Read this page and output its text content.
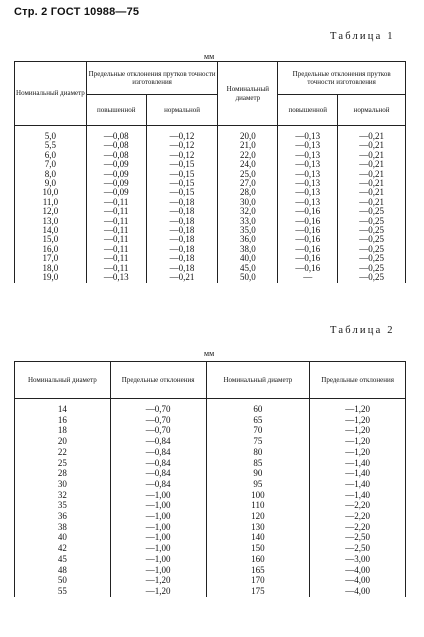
Стр. 2 ГОСТ 10988—75
Таблица 1
мм
Номинальный диаметр	Предельные отклонения прутков точности изготовления		Номинальный диаметр	Предельные отклонения прутков точности изготовления	
	повышенной	нормальной		повышенной	нормальной
5,0	—0,08	—0,12	20,0	—0,13	—0,21
5,5	—0,08	—0,12	21,0	—0,13	—0,21
6,0	—0,08	—0,12	22,0	—0,13	—0,21
7,0	—0,09	—0,15	24,0	—0,13	—0,21
8,0	—0,09	—0,15	25,0	—0,13	—0,21
9,0	—0,09	—0,15	27,0	—0,13	—0,21
10,0	—0,09	—0,15	28,0	—0,13	—0,21
11,0	—0,11	—0,18	30,0	—0,13	—0,21
12,0	—0,11	—0,18	32,0	—0,16	—0,25
13,0	—0,11	—0,18	33,0	—0,16	—0,25
14,0	—0,11	—0,18	35,0	—0,16	—0,25
15,0	—0,11	—0,18	36,0	—0,16	—0,25
16,0	—0,11	—0,18	38,0	—0,16	—0,25
17,0	—0,11	—0,18	40,0	—0,16	—0,25
18,0	—0,11	—0,18	45,0	—0,16	—0,25
19,0	—0,13	—0,21	50,0	—	—0,25
Таблица 2
мм
Номинальный диаметр	Предельные отклонения	Номинальный диаметр	Предельные отклонения
14	—0,70	60	—1,20
16	—0,70	65	—1,20
18	—0,70	70	—1,20
20	—0,84	75	—1,20
22	—0,84	80	—1,20
25	—0,84	85	—1,40
28	—0,84	90	—1,40
30	—0,84	95	—1,40
32	—1,00	100	—1,40
35	—1,00	110	—2,20
36	—1,00	120	—2,20
38	—1,00	130	—2,20
40	—1,00	140	—2,50
42	—1,00	150	—2,50
45	—1,00	160	—3,00
48	—1,00	165	—4,00
50	—1,20	170	—4,00
55	—1,20	175	—4,00
